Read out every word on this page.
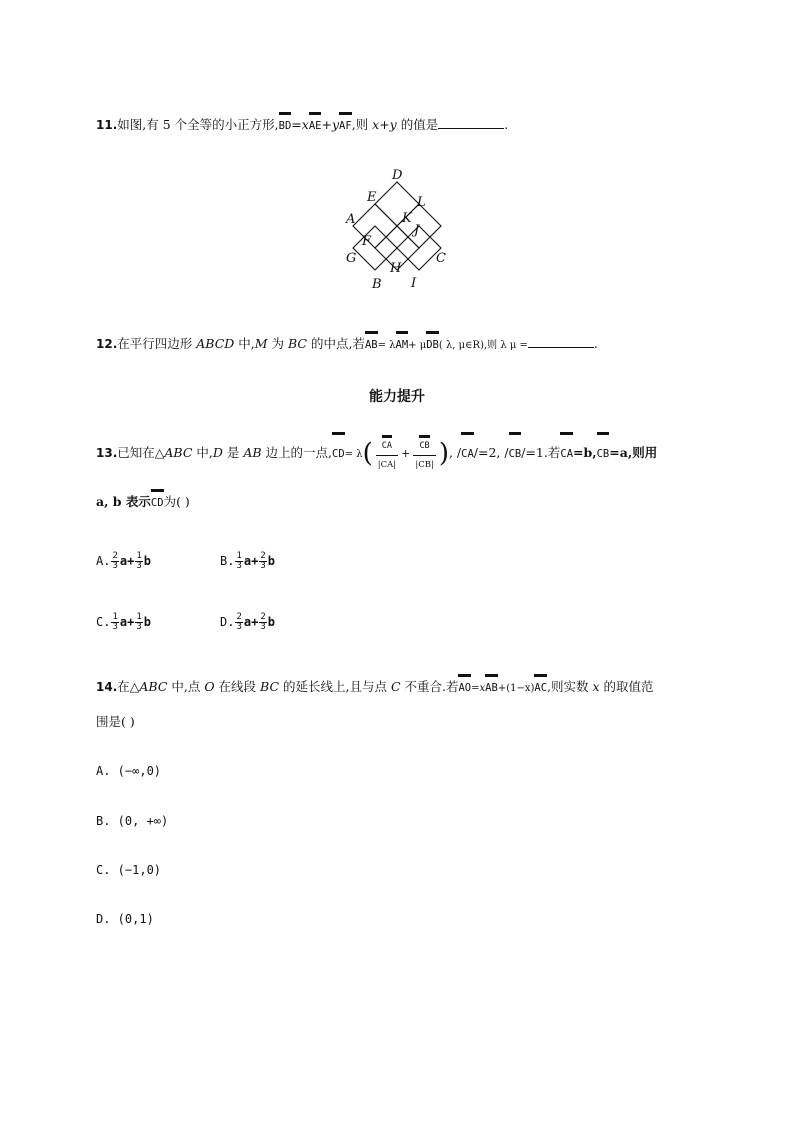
11.如图,有 5 个全等的小正方形,BD=xAE+yAF,则 x+y 的值是	.
D
E	L
A	K
F
J
G
H
C
B I
12.在平行四边形 ABCD 中,M 为 BC 的中点,若AB= λAM+ μDB( λ, μ∈R),则 λ μ =	.
能力提升
13.已知在△ABC 中,D 是 AB 边上的一点,CD= λ(	CA
|CA|
+
CB
|CB| ), /CA/=2, /CB/=1.若CA=b,CB=a,则用
a, b 表示CD为( )
A. $\frac{2}{3} a+ \frac{1}{3}$ b	B. $\frac{1}{3} a+ \frac{2}{3}$ b
C. $\frac{1}{3} a+ \frac{1}{3}$ b	D. $\frac{2}{3} a+ \frac{2}{3}$ b
14.在△ABC 中,点 O 在线段 BC 的延长线上,且与点 C 不重合.若AO=xAB+(1−x)AC,则实数 x 的取值范
围是( )
A. (−∞,0)
B. (0, +∞)
C. (−1,0)
D. (0,1)
